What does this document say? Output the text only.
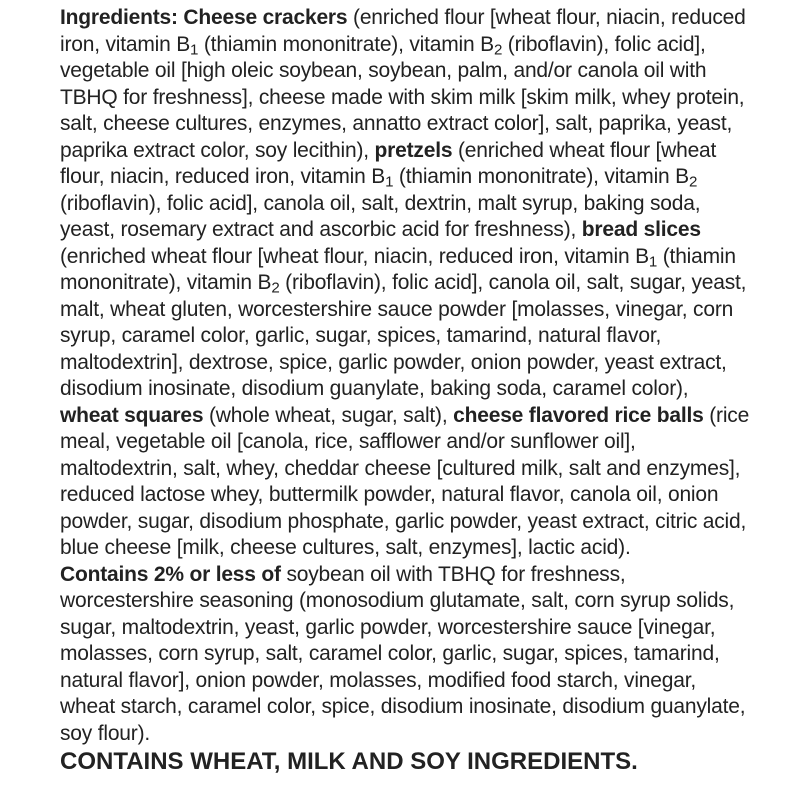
Ingredients: Cheese crackers (enriched flour [wheat flour, niacin, reduced iron, vitamin $B_1$ (thiamin mononitrate), vitamin $B_2$ (riboflavin), folic acid], vegetable oil [high oleic soybean, soybean, palm, and/or canola oil with TBHQ for freshness], cheese made with skim milk [skim milk, whey protein, salt, cheese cultures, enzymes, annatto extract color], salt, paprika, yeast, paprika extract color, soy lecithin), pretzels (enriched wheat flour [wheat flour, niacin, reduced iron, vitamin $B_1$ (thiamin mononitrate), vitamin $B_2$ (riboflavin), folic acid], canola oil, salt, dextrin, malt syrup, baking soda, yeast, rosemary extract and ascorbic acid for freshness), bread slices (enriched wheat flour [wheat flour, niacin, reduced iron, vitamin $B_1$ (thiamin mononitrate), vitamin $B_2$ (riboflavin), folic acid], canola oil, salt, sugar, yeast, malt, wheat gluten, worcestershire sauce powder [molasses, vinegar, corn syrup, caramel color, garlic, sugar, spices, tamarind, natural flavor, maltodextrin], dextrose, spice, garlic powder, onion powder, yeast extract, disodium inosinate, disodium guanylate, baking soda, caramel color), wheat squares (whole wheat, sugar, salt), cheese flavored rice balls (rice meal, vegetable oil [canola, rice, safflower and/or sunflower oil], maltodextrin, salt, whey, cheddar cheese [cultured milk, salt and enzymes], reduced lactose whey, buttermilk powder, natural flavor, canola oil, onion powder, sugar, disodium phosphate, garlic powder, yeast extract, citric acid, blue cheese [milk, cheese cultures, salt, enzymes], lactic acid).

Contains 2% or less of soybean oil with TBHQ for freshness, worcestershire seasoning (monosodium glutamate, salt, corn syrup solids, sugar, maltodextrin, yeast, garlic powder, worcestershire sauce [vinegar, molasses, corn syrup, salt, caramel color, garlic, sugar, spices, tamarind, natural flavor], onion powder, molasses, modified food starch, vinegar, wheat starch, caramel color, spice, disodium inosinate, disodium guanylate, soy flour).

CONTAINS WHEAT, MILK AND SOY INGREDIENTS.
